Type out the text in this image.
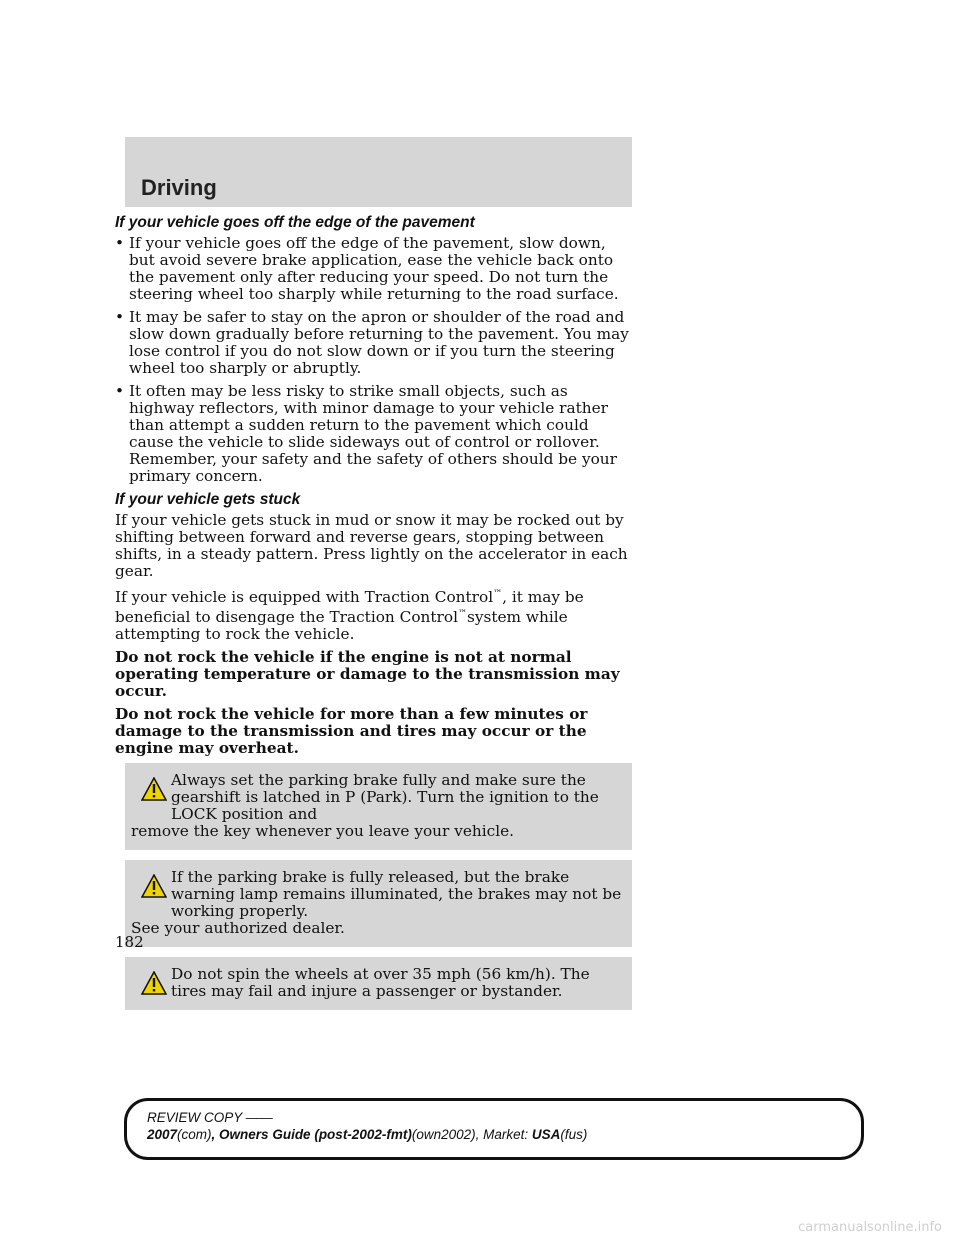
Driving
If your vehicle goes off the edge of the pavement
• If your vehicle goes off the edge of the pavement, slow down, but avoid severe brake application, ease the vehicle back onto the pavement only after reducing your speed. Do not turn the steering wheel too sharply while returning to the road surface.
• It may be safer to stay on the apron or shoulder of the road and slow down gradually before returning to the pavement. You may lose control if you do not slow down or if you turn the steering wheel too sharply or abruptly.
• It often may be less risky to strike small objects, such as highway reflectors, with minor damage to your vehicle rather than attempt a sudden return to the pavement which could cause the vehicle to slide sideways out of control or rollover. Remember, your safety and the safety of others should be your primary concern.
If your vehicle gets stuck

If your vehicle gets stuck in mud or snow it may be rocked out by shifting between forward and reverse gears, stopping between shifts, in a steady pattern. Press lightly on the accelerator in each gear.

If your vehicle is equipped with Traction Control™, it may be beneficial to disengage the Traction Control™system while attempting to rock the vehicle.

Do not rock the vehicle if the engine is not at normal operating temperature or damage to the transmission may occur.

Do not rock the vehicle for more than a few minutes or damage to the transmission and tires may occur or the engine may overheat.

Always set the parking brake fully and make sure the gearshift is latched in P (Park). Turn the ignition to the LOCK position and
remove the key whenever you leave your vehicle.
If the parking brake is fully released, but the brake warning lamp remains illuminated, the brakes may not be working properly.
See your authorized dealer.
Do not spin the wheels at over 35 mph (56 km/h). The tires may fail and injure a passenger or bystander.
182
REVIEW COPY ——
2007(com), Owners Guide (post-2002-fmt)(own2002), Market: USA(fus)
carmanualsonline.info
